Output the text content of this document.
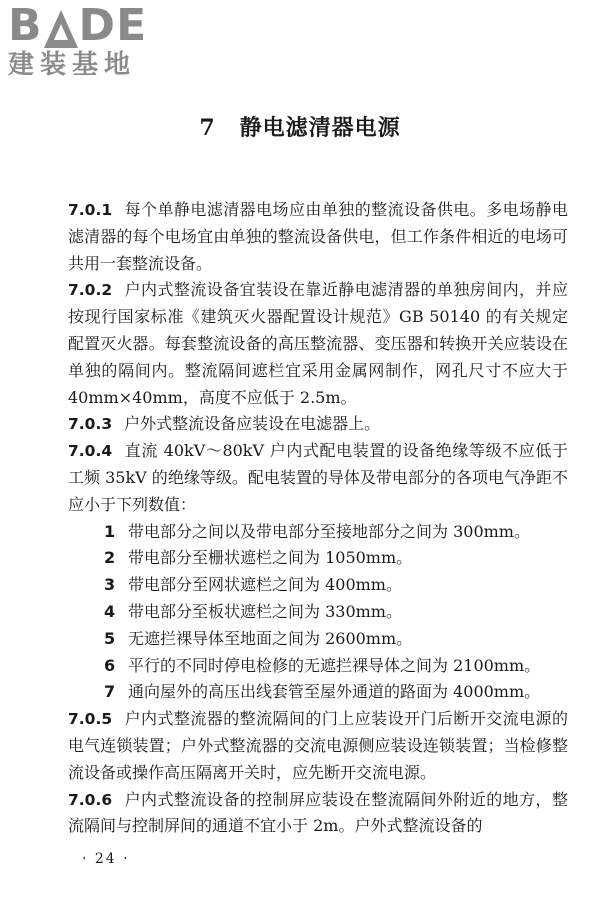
B DE
建装基地
7 静电滤清器电源

7.0.1 每个单静电滤清器电场应由单独的整流设备供电。多电场静电滤清器的每个电场宜由单独的整流设备供电，但工作条件相近的电场可共用一套整流设备。

7.0.2 户内式整流设备宜装设在靠近静电滤清器的单独房间内，并应按现行国家标准《建筑灭火器配置设计规范》GB 50140 的有关规定配置灭火器。每套整流设备的高压整流器、变压器和转换开关应装设在单独的隔间内。整流隔间遮栏宜采用金属网制作，网孔尺寸不应大于 40mm×40mm，高度不应低于 2.5m。

7.0.3 户外式整流设备应装设在电滤器上。

7.0.4 直流 40kV～80kV 户内式配电装置的设备绝缘等级不应低于工频 35kV 的绝缘等级。配电装置的导体及带电部分的各项电气净距不应小于下列数值：

1 带电部分之间以及带电部分至接地部分之间为 300mm。

2 带电部分至栅状遮栏之间为 1050mm。

3 带电部分至网状遮栏之间为 400mm。

4 带电部分至板状遮栏之间为 330mm。

5 无遮拦裸导体至地面之间为 2600mm。

6 平行的不同时停电检修的无遮拦裸导体之间为 2100mm。

7 通向屋外的高压出线套管至屋外通道的路面为 4000mm。

7.0.5 户内式整流器的整流隔间的门上应装设开门后断开交流电源的电气连锁装置；户外式整流器的交流电源侧应装设连锁装置；当检修整流设备或操作高压隔离开关时，应先断开交流电源。

7.0.6 户内式整流设备的控制屏应装设在整流隔间外附近的地方，整流隔间与控制屏间的通道不宜小于 2m。户外式整流设备的

· 24 ·
